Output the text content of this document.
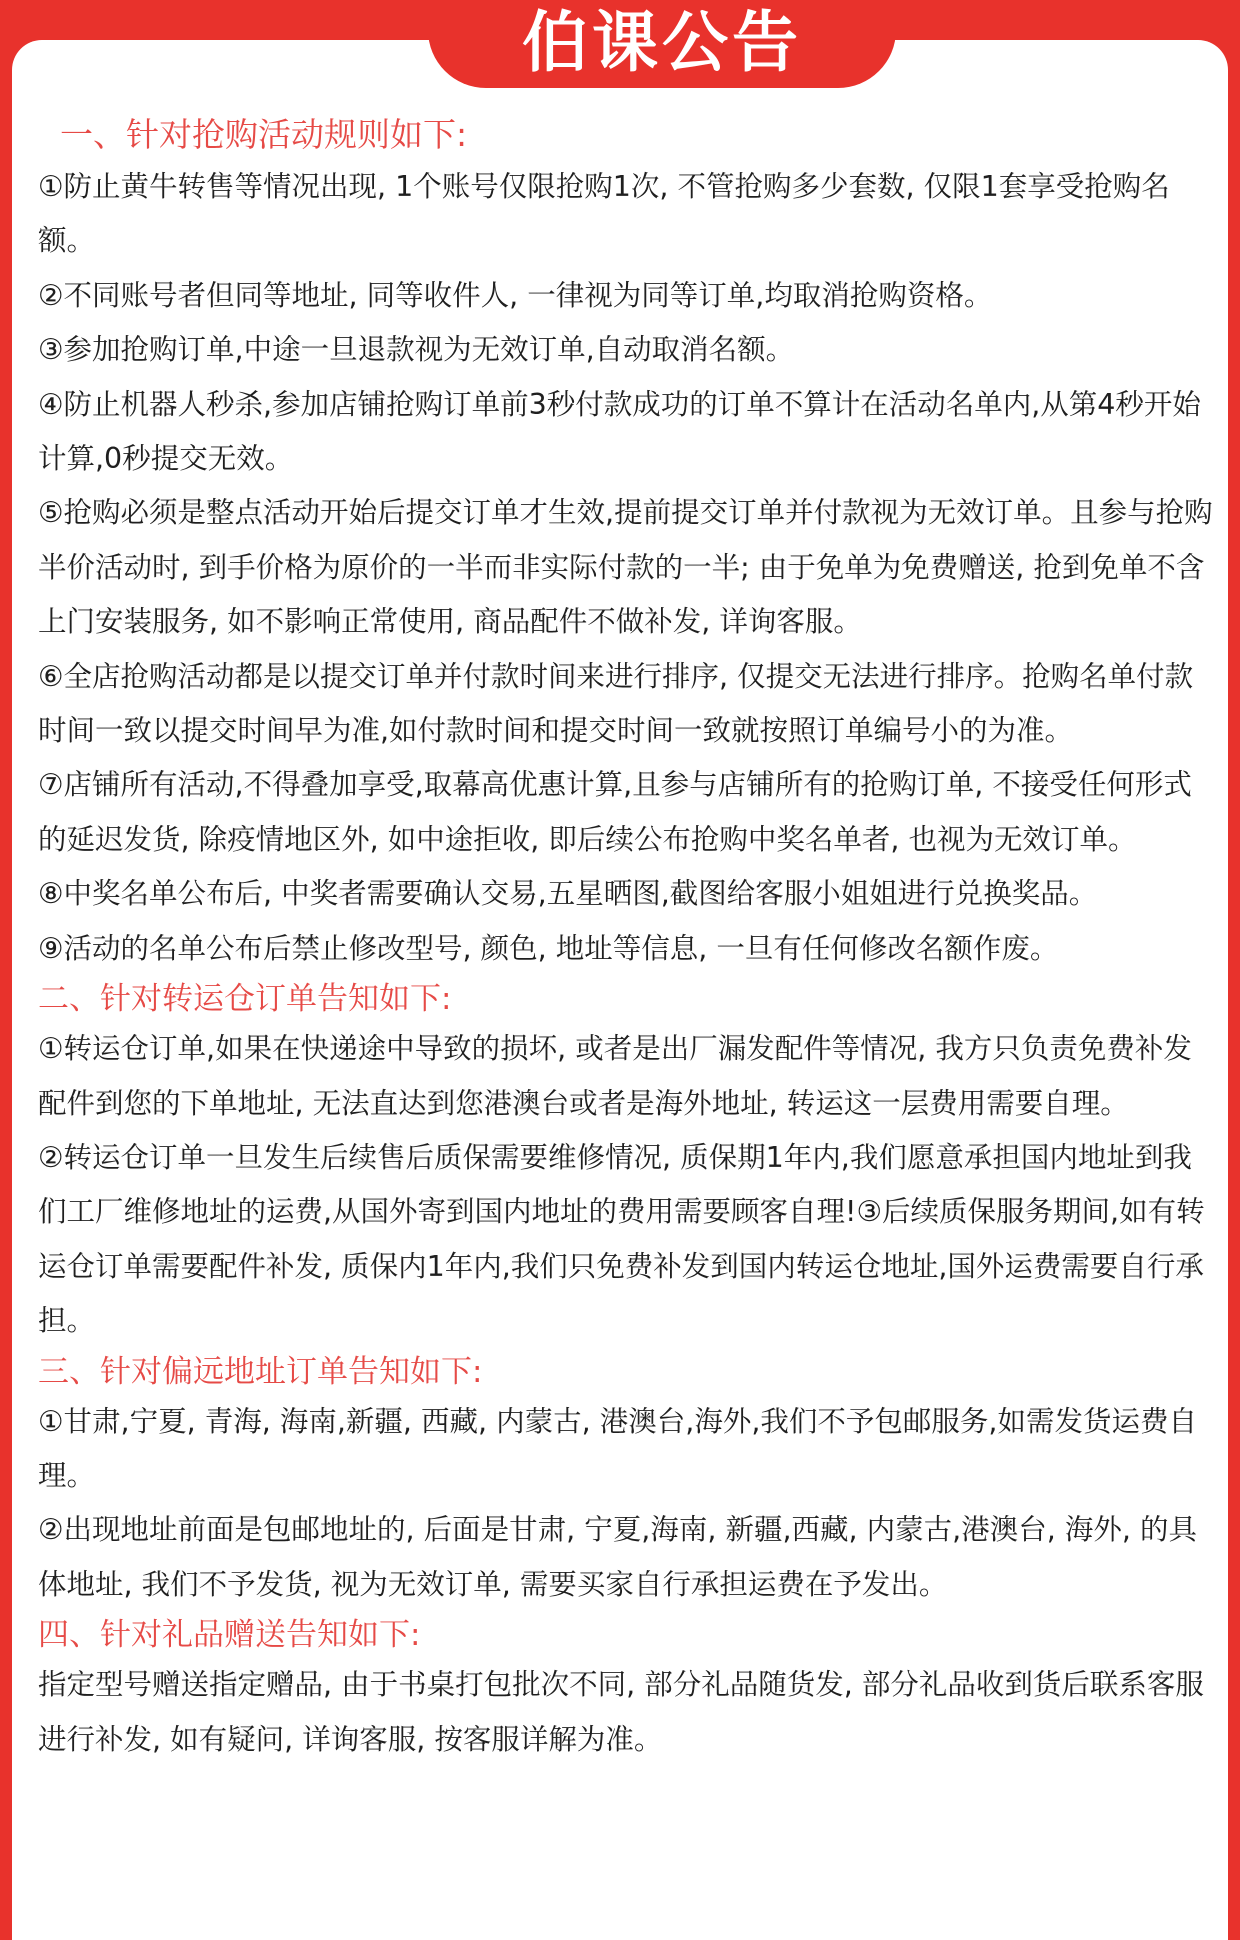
伯课公告

一、针对抢购活动规则如下:

①防止黄牛转售等情况出现, 1个账号仅限抢购1次, 不管抢购多少套数, 仅限1套享受抢购名额。

②不同账号者但同等地址, 同等收件人, 一律视为同等订单,均取消抢购资格。

③参加抢购订单,中途一旦退款视为无效订单,自动取消名额。

④防止机器人秒杀,参加店铺抢购订单前3秒付款成功的订单不算计在活动名单内,从第4秒开始计算,0秒提交无效。

⑤抢购必须是整点活动开始后提交订单才生效,提前提交订单并付款视为无效订单。且参与抢购半价活动时, 到手价格为原价的一半而非实际付款的一半; 由于免单为免费赠送, 抢到免单不含上门安装服务, 如不影响正常使用, 商品配件不做补发, 详询客服。

⑥全店抢购活动都是以提交订单并付款时间来进行排序, 仅提交无法进行排序。抢购名单付款时间一致以提交时间早为准,如付款时间和提交时间一致就按照订单编号小的为准。

⑦店铺所有活动,不得叠加享受,取幕高优惠计算,且参与店铺所有的抢购订单, 不接受任何形式的延迟发货, 除疫情地区外, 如中途拒收, 即后续公布抢购中奖名单者, 也视为无效订单。

⑧中奖名单公布后, 中奖者需要确认交易,五星晒图,截图给客服小姐姐进行兑换奖品。

⑨活动的名单公布后禁止修改型号, 颜色, 地址等信息, 一旦有任何修改名额作废。

二、针对转运仓订单告知如下:

①转运仓订单,如果在快递途中导致的损坏, 或者是出厂漏发配件等情况, 我方只负责免费补发配件到您的下单地址, 无法直达到您港澳台或者是海外地址, 转运这一层费用需要自理。

②转运仓订单一旦发生后续售后质保需要维修情况, 质保期1年内,我们愿意承担国内地址到我们工厂维修地址的运费,从国外寄到国内地址的费用需要顾客自理!③后续质保服务期间,如有转运仓订单需要配件补发, 质保内1年内,我们只免费补发到国内转运仓地址,国外运费需要自行承担。

三、针对偏远地址订单告知如下:

①甘肃,宁夏, 青海, 海南,新疆, 西藏, 内蒙古, 港澳台,海外,我们不予包邮服务,如需发货运费自理。

②出现地址前面是包邮地址的, 后面是甘肃, 宁夏,海南, 新疆,西藏, 内蒙古,港澳台, 海外, 的具体地址, 我们不予发货, 视为无效订单, 需要买家自行承担运费在予发出。

四、针对礼品赠送告知如下:

指定型号赠送指定赠品, 由于书桌打包批次不同, 部分礼品随货发, 部分礼品收到货后联系客服进行补发, 如有疑问, 详询客服, 按客服详解为准。
